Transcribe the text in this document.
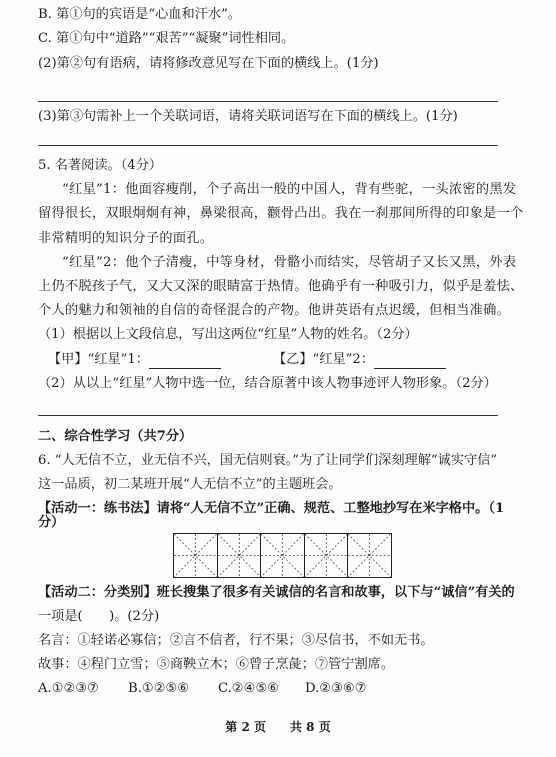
B. 第①句的宾语是“心血和汗水”。
C. 第①句中“道路”“艰苦”“凝聚”词性相同。
(2)第②句有语病，请将修改意见写在下面的横线上。(1分)
(3)第③句需补上一个关联词语，请将关联词语写在下面的横线上。(1分)
5. 名著阅读。（4分）
“红星”1：他面容瘦削，个子高出一般的中国人，背有些驼，一头浓密的黑发
留得很长，双眼炯炯有神，鼻梁很高，颧骨凸出。我在一刹那间所得的印象是一个
非常精明的知识分子的面孔。
“红星”2：他个子清瘦，中等身材，骨骼小而结实，尽管胡子又长又黑，外表
上仍不脱孩子气，又大又深的眼睛富于热情。他确乎有一种吸引力，似乎是羞怯、
个人的魅力和领袖的自信的奇怪混合的产物。他讲英语有点迟缓，但相当准确。
（1）根据以上文段信息，写出这两位“红星”人物的姓名。（2分）
【甲】“红星”1：	【乙】“红星”2：
（2）从以上“红星”人物中选一位，结合原著中该人物事迹评人物形象。（2分）
二、综合性学习（共7分）
6. “人无信不立，业无信不兴，国无信则衰。”为了让同学们深刻理解“诚实守信”
这一品质，初二某班开展“人无信不立”的主题班会。
【活动一：练书法】请将“人无信不立”正确、规范、工整地抄写在米字格中。（1
分）
【活动二：分类别】班长搜集了很多有关诚信的名言和故事，以下与“诚信”有关的
一项是(　　)。(2分)
名言：①轻诺必寡信；②言不信者，行不果；③尽信书，不如无书。
故事：④程门立雪；⑤商鞅立木；⑥曾子烹彘；⑦管宁割席。
A.①②③⑦ B.①②⑤⑥ C.②④⑤⑥ D.②③⑥⑦
第 2 页　　共 8 页
